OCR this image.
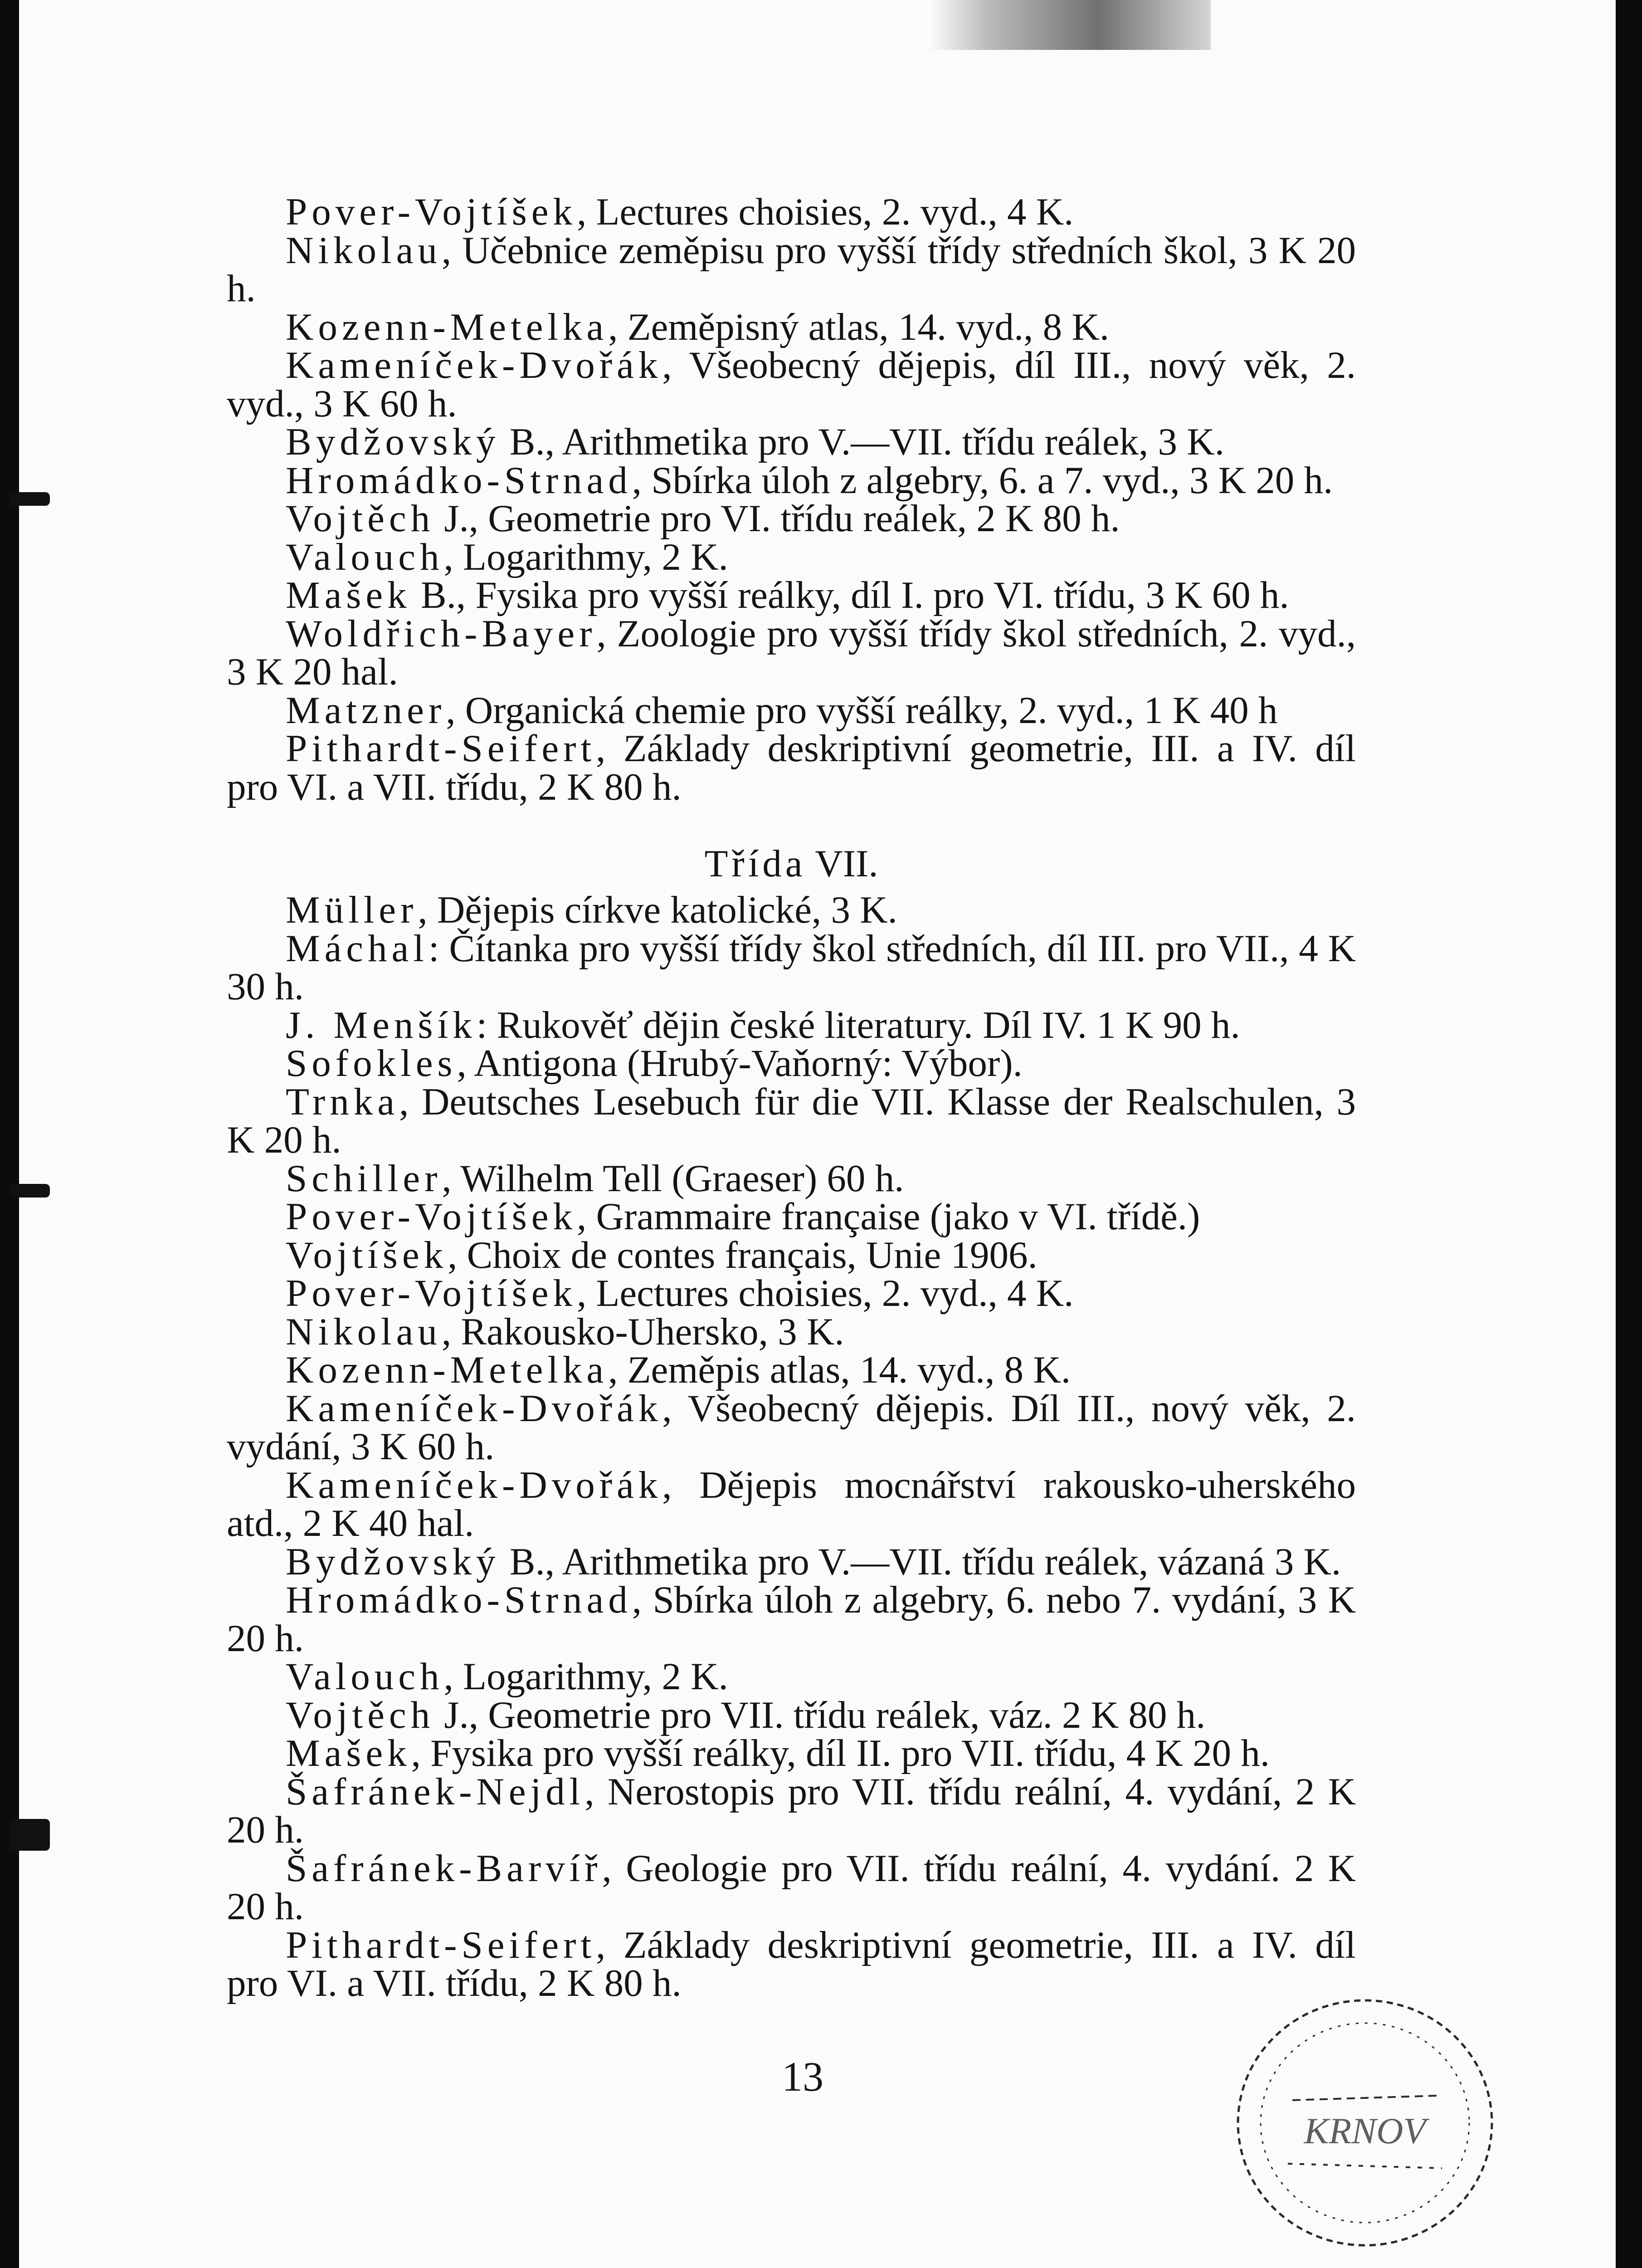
Pover-Vojtíšek, Lectures choisies, 2. vyd., 4 K.

Nikolau, Učebnice zeměpisu pro vyšší třídy středních škol, 3 K 20 h.

Kozenn-Metelka, Zeměpisný atlas, 14. vyd., 8 K.

Kameníček-Dvořák, Všeobecný dějepis, díl III., nový věk, 2. vyd., 3 K 60 h.

Bydžovský B., Arithmetika pro V.—VII. třídu reálek, 3 K.

Hromádko-Strnad, Sbírka úloh z algebry, 6. a 7. vyd., 3 K 20 h.

Vojtěch J., Geometrie pro VI. třídu reálek, 2 K 80 h.

Valouch, Logarithmy, 2 K.

Mašek B., Fysika pro vyšší reálky, díl I. pro VI. třídu, 3 K 60 h.

Woldřich-Bayer, Zoologie pro vyšší třídy škol středních, 2. vyd., 3 K 20 hal.

Matzner, Organická chemie pro vyšší reálky, 2. vyd., 1 K 40 h

Pithardt-Seifert, Základy deskriptivní geometrie, III. a IV. díl pro VI. a VII. třídu, 2 K 80 h.

Třída VII.

Müller, Dějepis církve katolické, 3 K.

Máchal: Čítanka pro vyšší třídy škol středních, díl III. pro VII., 4 K 30 h.

J. Menšík: Rukověť dějin české literatury. Díl IV. 1 K 90 h.

Sofokles, Antigona (Hrubý-Vaňorný: Výbor).

Trnka, Deutsches Lesebuch für die VII. Klasse der Realschulen, 3 K 20 h.

Schiller, Wilhelm Tell (Graeser) 60 h.

Pover-Vojtíšek, Grammaire française (jako v VI. třídě.)

Vojtíšek, Choix de contes français, Unie 1906.

Pover-Vojtíšek, Lectures choisies, 2. vyd., 4 K.

Nikolau, Rakousko-Uhersko, 3 K.

Kozenn-Metelka, Zeměpis atlas, 14. vyd., 8 K.

Kameníček-Dvořák, Všeobecný dějepis. Díl III., nový věk, 2. vydání, 3 K 60 h.

Kameníček-Dvořák, Dějepis mocnářství rakousko-uherského atd., 2 K 40 hal.

Bydžovský B., Arithmetika pro V.—VII. třídu reálek, vázaná 3 K.

Hromádko-Strnad, Sbírka úloh z algebry, 6. nebo 7. vydání, 3 K 20 h.

Valouch, Logarithmy, 2 K.

Vojtěch J., Geometrie pro VII. třídu reálek, váz. 2 K 80 h.

Mašek, Fysika pro vyšší reálky, díl II. pro VII. třídu, 4 K 20 h.

Šafránek-Nejdl, Nerostopis pro VII. třídu reální, 4. vydání, 2 K 20 h.

Šafránek-Barvíř, Geologie pro VII. třídu reální, 4. vydání. 2 K 20 h.

Pithardt-Seifert, Základy deskriptivní geometrie, III. a IV. díl pro VI. a VII. třídu, 2 K 80 h.

13
KRNOV
